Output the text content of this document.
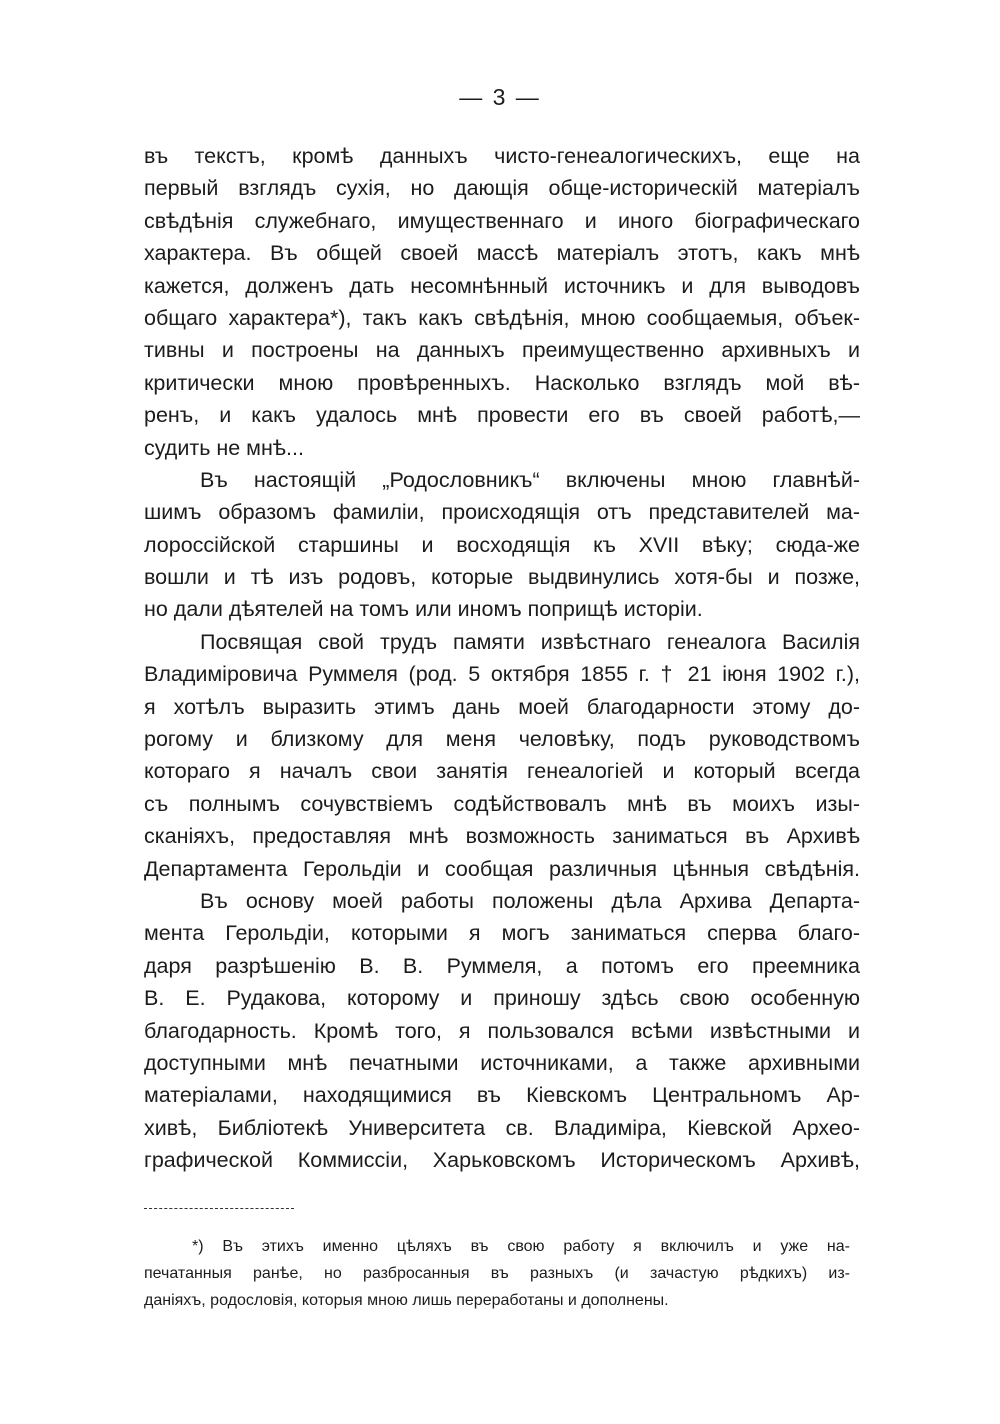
— 3 —
въ текстъ, кромѣ данныхъ чисто-генеалогическихъ, еще на
первый взглядъ сухія, но дающія обще-историческій матеріалъ
свѣдѣнія служебнаго, имущественнаго и иного біографическаго
характера. Въ общей своей массѣ матеріалъ этотъ, какъ мнѣ
кажется, долженъ дать несомнѣнный источникъ и для выводовъ
общаго характера*), такъ какъ свѣдѣнія, мною сообщаемыя, объек-
тивны и построены на данныхъ преимущественно архивныхъ и
критически мною провѣренныхъ. Насколько взглядъ мой вѣ-
ренъ, и какъ удалось мнѣ провести его въ своей работѣ,—
судить не мнѣ...
Въ настоящій „Родословникъ“ включены мною главнѣй-
шимъ образомъ фамиліи, происходящія отъ представителей ма-
лороссійской старшины и восходящія къ XVII вѣку; сюда-же
вошли и тѣ изъ родовъ, которые выдвинулись хотя-бы и позже,
но дали дѣятелей на томъ или иномъ поприщѣ исторіи.
Посвящая свой трудъ памяти извѣстнаго генеалога Василія
Владиміровича Руммеля (род. 5 октября 1855 г. † 21 іюня 1902 г.),
я хотѣлъ выразить этимъ дань моей благодарности этому до-
рогому и близкому для меня человѣку, подъ руководствомъ
котораго я началъ свои занятія генеалогіей и который всегда
съ полнымъ сочувствіемъ содѣйствовалъ мнѣ въ моихъ изы-
сканіяхъ, предоставляя мнѣ возможность заниматься въ Архивѣ
Департамента Герольдіи и сообщая различныя цѣнныя свѣдѣнія.
Въ основу моей работы положены дѣла Архива Департа-
мента Герольдіи, которыми я могъ заниматься сперва благо-
даря разрѣшенію В. В. Руммеля, а потомъ его преемника
В. Е. Рудакова, которому и приношу здѣсь свою особенную
благодарность. Кромѣ того, я пользовался всѣми извѣстными и
доступными мнѣ печатными источниками, а также архивными
матеріалами, находящимися въ Кіевскомъ Центральномъ Ар-
хивѣ, Библіотекѣ Университета св. Владиміра, Кіевской Археo-
графической Коммиссіи, Харьковскомъ Историческомъ Архивѣ,
*) Въ этихъ именно цѣляхъ въ свою работу я включилъ и уже на-
печатанныя ранѣе, но разбросанныя въ разныхъ (и зачастую рѣдкихъ) из-
даніяхъ, родословія, которыя мною лишь переработаны и дополнены.
